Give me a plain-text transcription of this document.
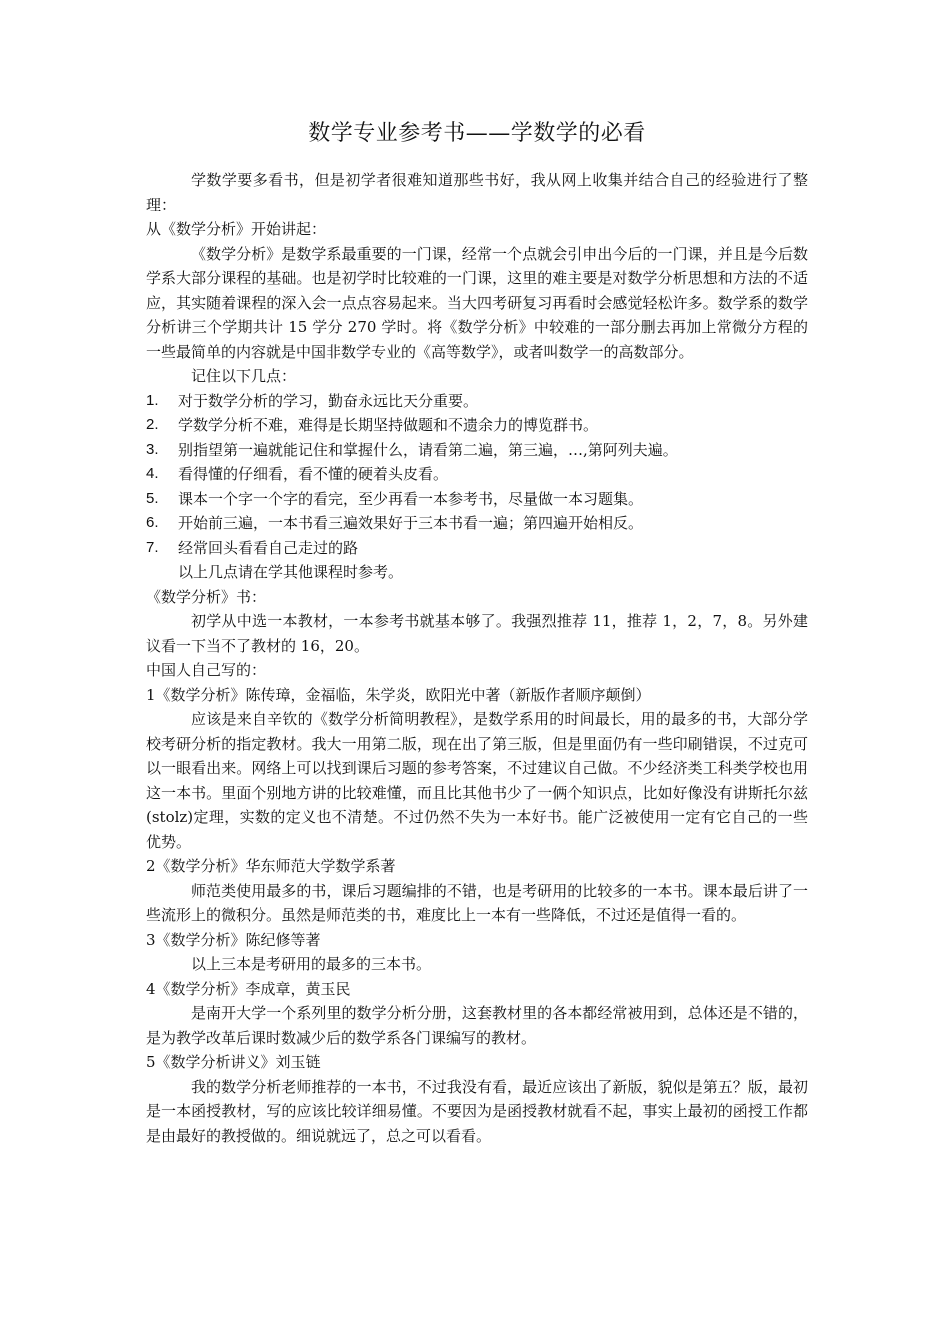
数学专业参考书——学数学的必看

学数学要多看书，但是初学者很难知道那些书好，我从网上收集并结合自己的经验进行了整理：

从《数学分析》开始讲起：

《数学分析》是数学系最重要的一门课，经常一个点就会引申出今后的一门课，并且是今后数学系大部分课程的基础。也是初学时比较难的一门课，这里的难主要是对数学分析思想和方法的不适应，其实随着课程的深入会一点点容易起来。当大四考研复习再看时会感觉轻松许多。数学系的数学分析讲三个学期共计 15 学分 270 学时。将《数学分析》中较难的一部分删去再加上常微分方程的一些最简单的内容就是中国非数学专业的《高等数学》，或者叫数学一的高数部分。

记住以下几点：

1.	对于数学分析的学习，勤奋永远比天分重要。
2.	学数学分析不难，难得是长期坚持做题和不遗余力的博览群书。
3.	别指望第一遍就能记住和掌握什么，请看第二遍，第三遍，…,第阿列夫遍。
4.	看得懂的仔细看，看不懂的硬着头皮看。
5.	课本一个字一个字的看完，至少再看一本参考书，尽量做一本习题集。
6.	开始前三遍，一本书看三遍效果好于三本书看一遍；第四遍开始相反。
7.	经常回头看看自己走过的路

以上几点请在学其他课程时参考。

《数学分析》书：

初学从中选一本教材，一本参考书就基本够了。我强烈推荐 11，推荐 1，2，7，8。另外建议看一下当不了教材的 16，20。

中国人自己写的：

1《数学分析》陈传璋，金福临，朱学炎，欧阳光中著（新版作者顺序颠倒）

应该是来自辛钦的《数学分析简明教程》，是数学系用的时间最长，用的最多的书，大部分学校考研分析的指定教材。我大一用第二版，现在出了第三版，但是里面仍有一些印刷错误，不过克可以一眼看出来。网络上可以找到课后习题的参考答案，不过建议自己做。不少经济类工科类学校也用这一本书。里面个别地方讲的比较难懂，而且比其他书少了一俩个知识点，比如好像没有讲斯托尔兹(stolz)定理，实数的定义也不清楚。不过仍然不失为一本好书。能广泛被使用一定有它自己的一些优势。

2《数学分析》华东师范大学数学系著

师范类使用最多的书，课后习题编排的不错，也是考研用的比较多的一本书。课本最后讲了一些流形上的微积分。虽然是师范类的书，难度比上一本有一些降低，不过还是值得一看的。

3《数学分析》陈纪修等著

以上三本是考研用的最多的三本书。

4《数学分析》李成章，黄玉民

是南开大学一个系列里的数学分析分册，这套教材里的各本都经常被用到，总体还是不错的，是为教学改革后课时数减少后的数学系各门课编写的教材。

5《数学分析讲义》刘玉链

我的数学分析老师推荐的一本书，不过我没有看，最近应该出了新版，貌似是第五？版，最初是一本函授教材，写的应该比较详细易懂。不要因为是函授教材就看不起，事实上最初的函授工作都是由最好的教授做的。细说就远了，总之可以看看。
